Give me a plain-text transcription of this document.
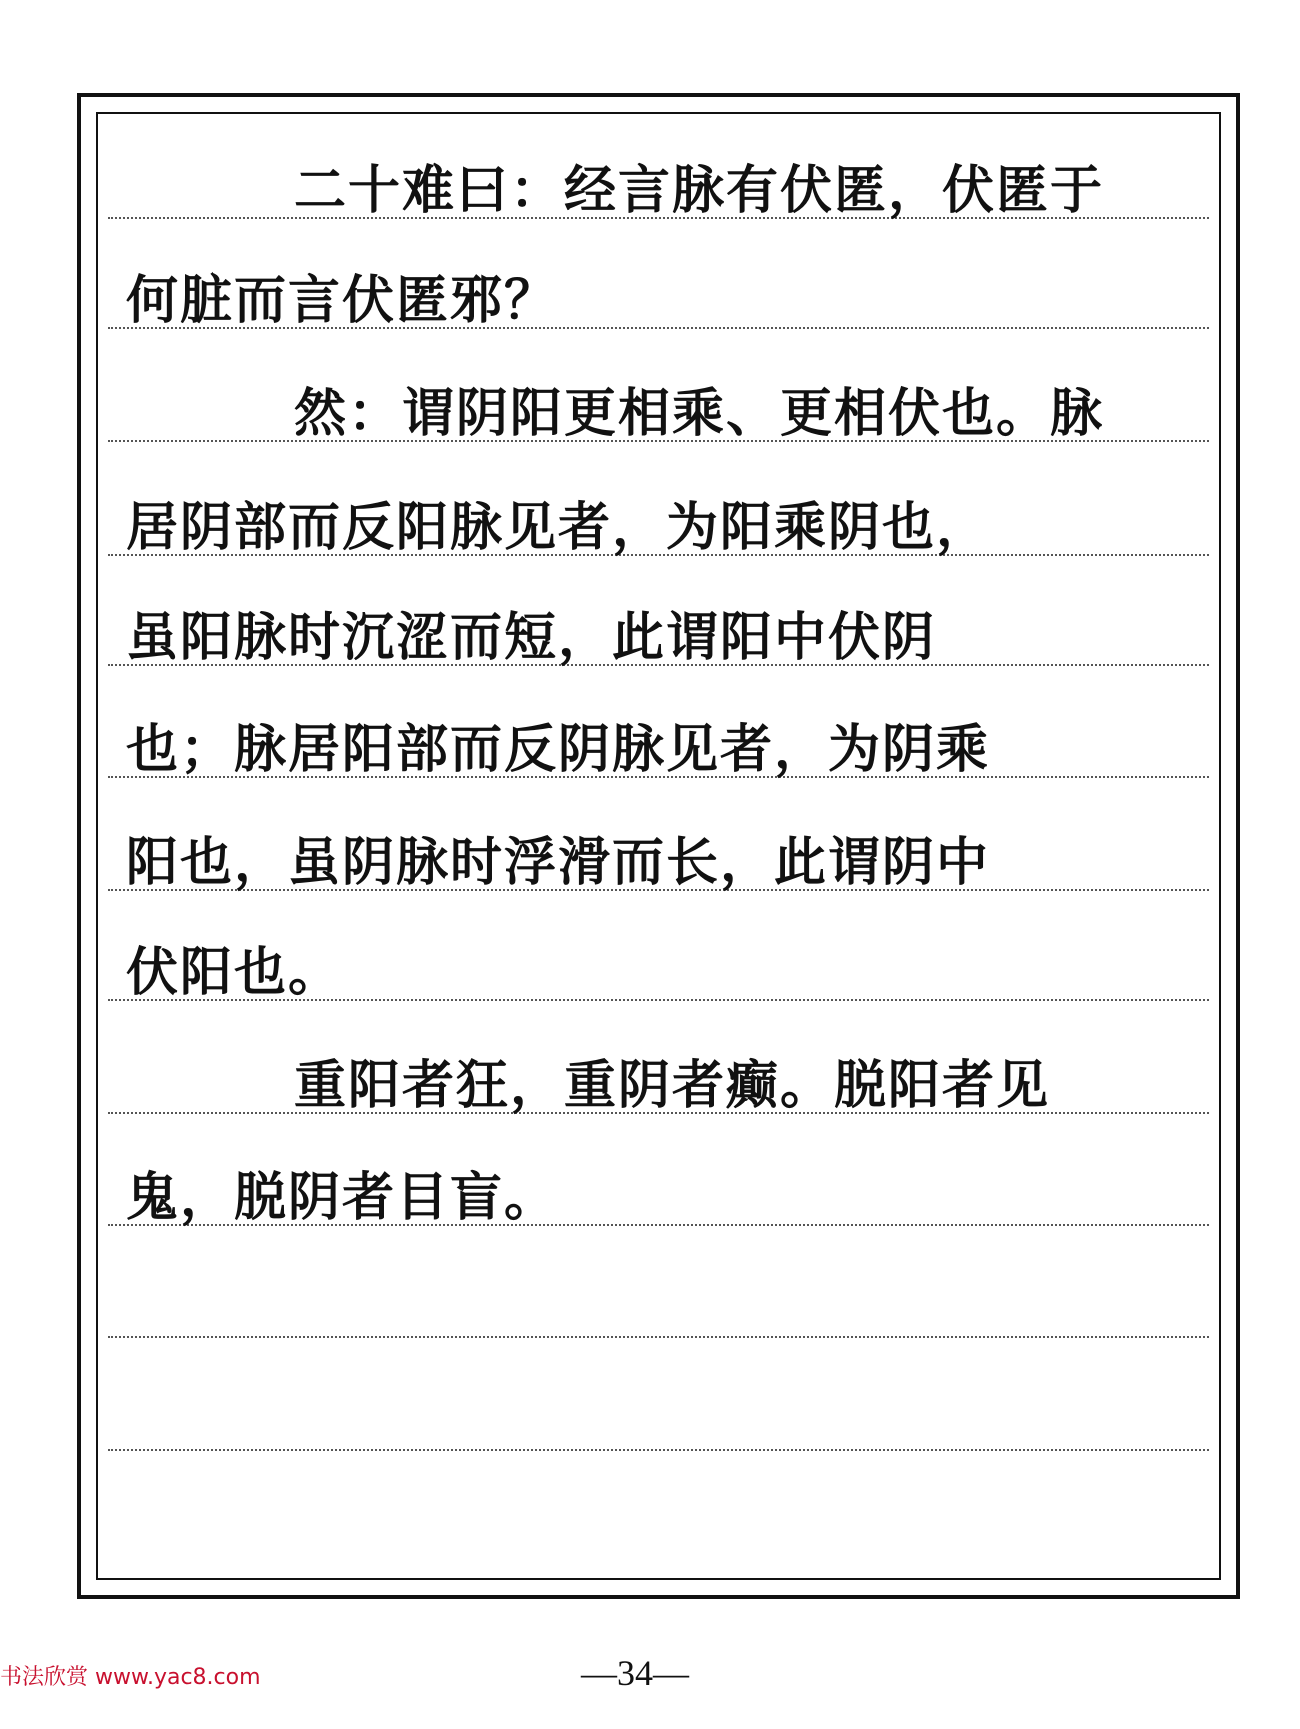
二十难曰：经言脉有伏匿，伏匿于
何脏而言伏匿邪？
然：谓阴阳更相乘、更相伏也。脉
居阴部而反阳脉见者，为阳乘阴也，
虽阳脉时沉涩而短，此谓阳中伏阴
也；脉居阳部而反阴脉见者，为阴乘
阳也，虽阴脉时浮滑而长，此谓阴中
伏阳也。
重阳者狂，重阴者癫。脱阳者见
鬼，脱阴者目盲。
书法欣赏 www.yac8.com	—34—
